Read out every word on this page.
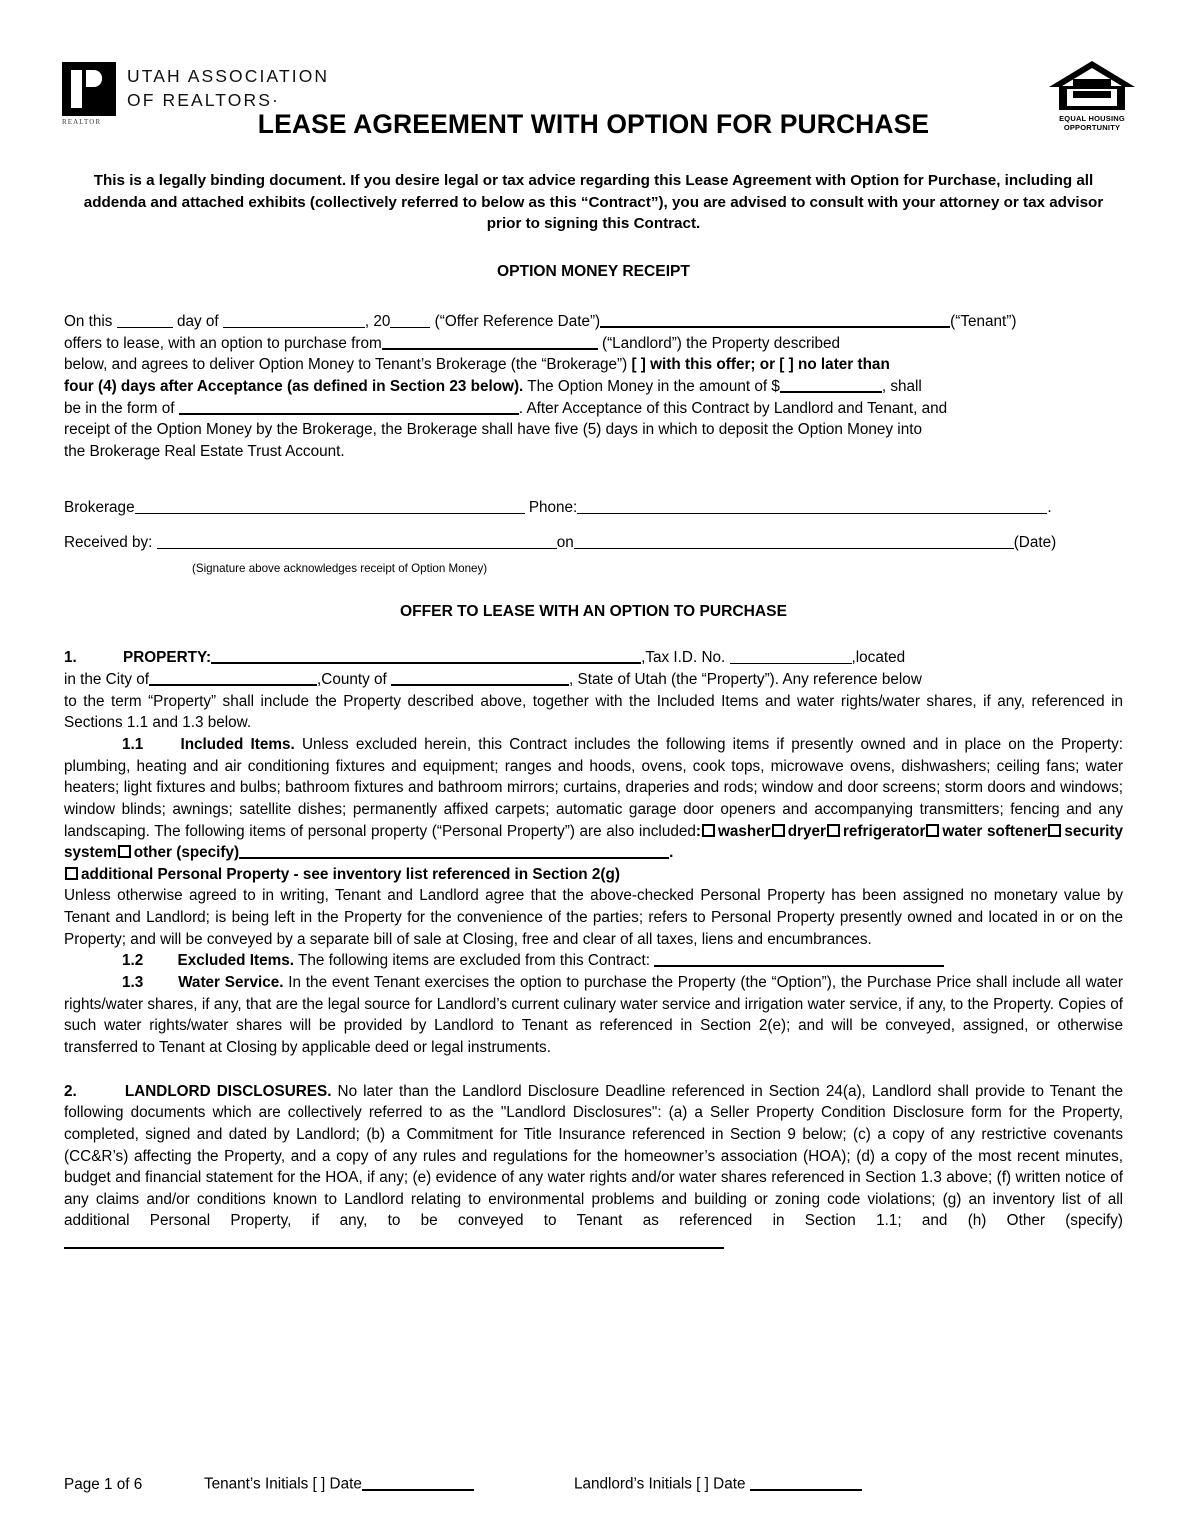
REALTOR
UTAH ASSOCIATION
OF REALTORS·
EQUAL HOUSING
OPPORTUNITY
LEASE AGREEMENT WITH OPTION FOR PURCHASE

This is a legally binding document. If you desire legal or tax advice regarding this Lease Agreement with Option for Purchase, including all addenda and attached exhibits (collectively referred to below as this “Contract”), you are advised to consult with your attorney or tax advisor prior to signing this Contract.

OPTION MONEY RECEIPT
On this	day of	, 20	(“Offer Reference Date”)	(“Tenant”)
offers to lease, with an option to purchase from	(“Landlord”) the Property described
below, and agrees to deliver Option Money to Tenant’s Brokerage (the “Brokerage”) [ ] with this offer; or [ ] no later than
four (4) days after Acceptance (as defined in Section 23 below). The Option Money in the amount of $	, shall
be in the form of	. After Acceptance of this Contract by Landlord and Tenant, and
receipt of the Option Money by the Brokerage, the Brokerage shall have five (5) days in which to deposit the Option Money into
the Brokerage Real Estate Trust Account.
Brokerage	Phone:	.
Received by:	on	(Date)
(Signature above acknowledges receipt of Option Money)
OFFER TO LEASE WITH AN OPTION TO PURCHASE
1.	PROPERTY:	,Tax I.D. No.	,located
in the City of	,County of	, State of Utah (the “Property”). Any reference below
to the term “Property” shall include the Property described above, together with the Included Items and water rights/water shares, if any, referenced in Sections 1.1 and 1.3 below.
1.1 Included Items. Unless excluded herein, this Contract includes the following items if presently owned and in place on the Property: plumbing, heating and air conditioning fixtures and equipment; ranges and hoods, ovens, cook tops, microwave ovens, dishwashers; ceiling fans; water heaters; light fixtures and bulbs; bathroom fixtures and bathroom mirrors; curtains, draperies and rods; window and door screens; storm doors and windows; window blinds; awnings; satellite dishes; permanently affixed carpets; automatic garage door openers and accompanying transmitters; fencing and any landscaping. The following items of personal property (“Personal Property”) are also included: washer dryer refrigerator water softener security system other (specify)	.
additional Personal Property - see inventory list referenced in Section 2(g)
Unless otherwise agreed to in writing, Tenant and Landlord agree that the above-checked Personal Property has been assigned no monetary value by Tenant and Landlord; is being left in the Property for the convenience of the parties; refers to Personal Property presently owned and located in or on the Property; and will be conveyed by a separate bill of sale at Closing, free and clear of all taxes, liens and encumbrances.
1.2 Excluded Items. The following items are excluded from this Contract:
1.3 Water Service. In the event Tenant exercises the option to purchase the Property (the “Option”), the Purchase Price shall include all water rights/water shares, if any, that are the legal source for Landlord’s current culinary water service and irrigation water service, if any, to the Property. Copies of such water rights/water shares will be provided by Landlord to Tenant as referenced in Section 2(e); and will be conveyed, assigned, or otherwise transferred to Tenant at Closing by applicable deed or legal instruments.
2.	LANDLORD DISCLOSURES. No later than the Landlord Disclosure Deadline referenced in Section 24(a), Landlord shall provide to Tenant the following documents which are collectively referred to as the "Landlord Disclosures": (a) a Seller Property Condition Disclosure form for the Property, completed, signed and dated by Landlord; (b) a Commitment for Title Insurance referenced in Section 9 below; (c) a copy of any restrictive covenants (CC&R’s) affecting the Property, and a copy of any rules and regulations for the homeowner’s association (HOA); (d) a copy of the most recent minutes, budget and financial statement for the HOA, if any; (e) evidence of any water rights and/or water shares referenced in Section 1.3 above; (f) written notice of any claims and/or conditions known to Landlord relating to environmental problems and building or zoning code violations; (g) an inventory list of all additional Personal Property, if any, to be conveyed to Tenant as referenced in Section 1.1; and (h) Other (specify)
Page 1 of 6	Tenant’s Initials [ ] Date	Landlord’s Initials [ ] Date
